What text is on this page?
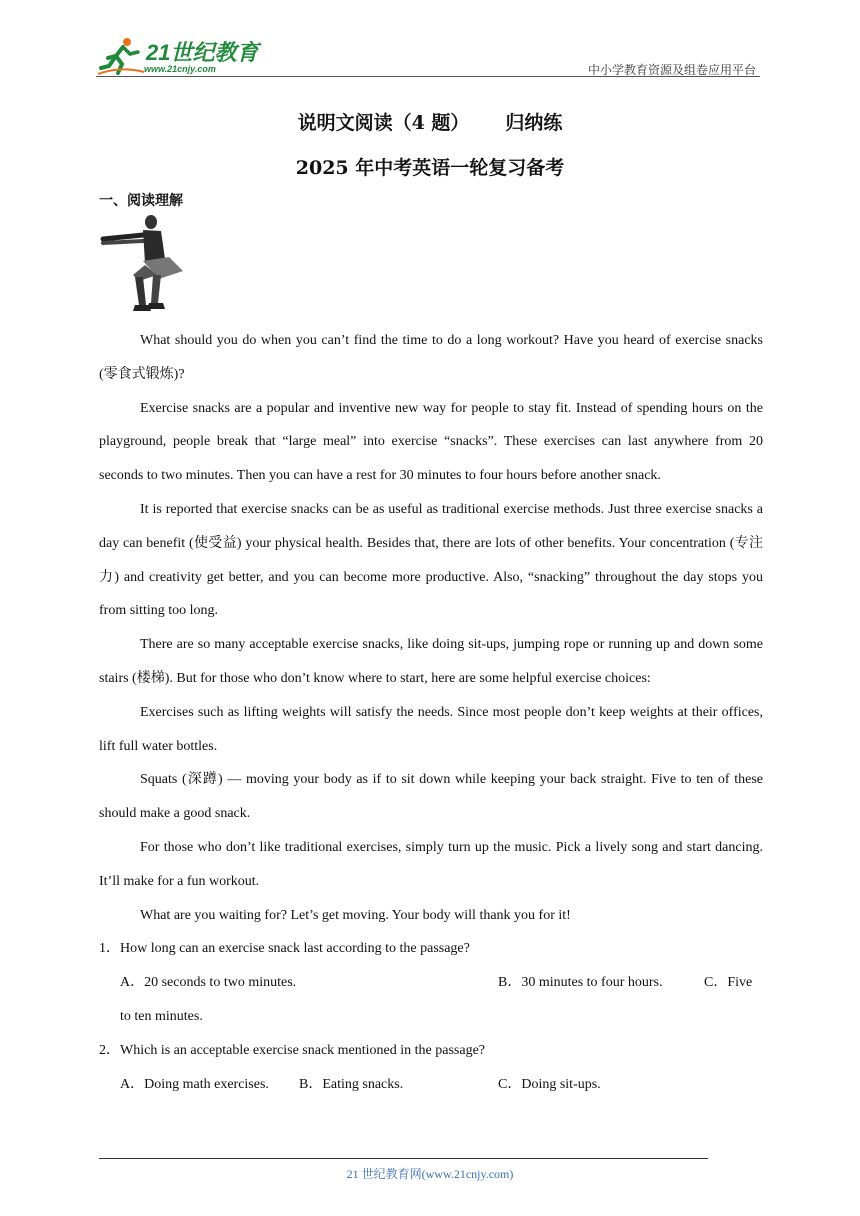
21世纪教育
www.21cnjy.com	中小学教育资源及组卷应用平台
说明文阅读（4 题） 归纳练
2025 年中考英语一轮复习备考
一、阅读理解

What should you do when you can’t find the time to do a long workout? Have you heard of exercise snacks (零食式锻炼)?

Exercise snacks are a popular and inventive new way for people to stay fit. Instead of spending hours on the playground, people break that “large meal” into exercise “snacks”. These exercises can last anywhere from 20 seconds to two minutes. Then you can have a rest for 30 minutes to four hours before another snack.

It is reported that exercise snacks can be as useful as traditional exercise methods. Just three exercise snacks a day can benefit (使受益) your physical health. Besides that, there are lots of other benefits. Your concentration (专注力) and creativity get better, and you can become more productive. Also, “snacking” throughout the day stops you from sitting too long.

There are so many acceptable exercise snacks, like doing sit-ups, jumping rope or running up and down some stairs (楼梯). But for those who don’t know where to start, here are some helpful exercise choices:

Exercises such as lifting weights will satisfy the needs. Since most people don’t keep weights at their offices, lift full water bottles.

Squats (深蹲) — moving your body as if to sit down while keeping your back straight. Five to ten of these should make a good snack.

For those who don’t like traditional exercises, simply turn up the music. Pick a lively song and start dancing. It’ll make for a fun workout.

What are you waiting for? Let’s get moving. Your body will thank you for it!

1．How long can an exercise snack last according to the passage?

A．20 seconds to two minutes.	B．30 minutes to four hours.	C．Five

to ten minutes.

2．Which is an acceptable exercise snack mentioned in the passage?

A．Doing math exercises. B．Eating snacks.	C．Doing sit-ups.
21 世纪教育网(www.21cnjy.com)
